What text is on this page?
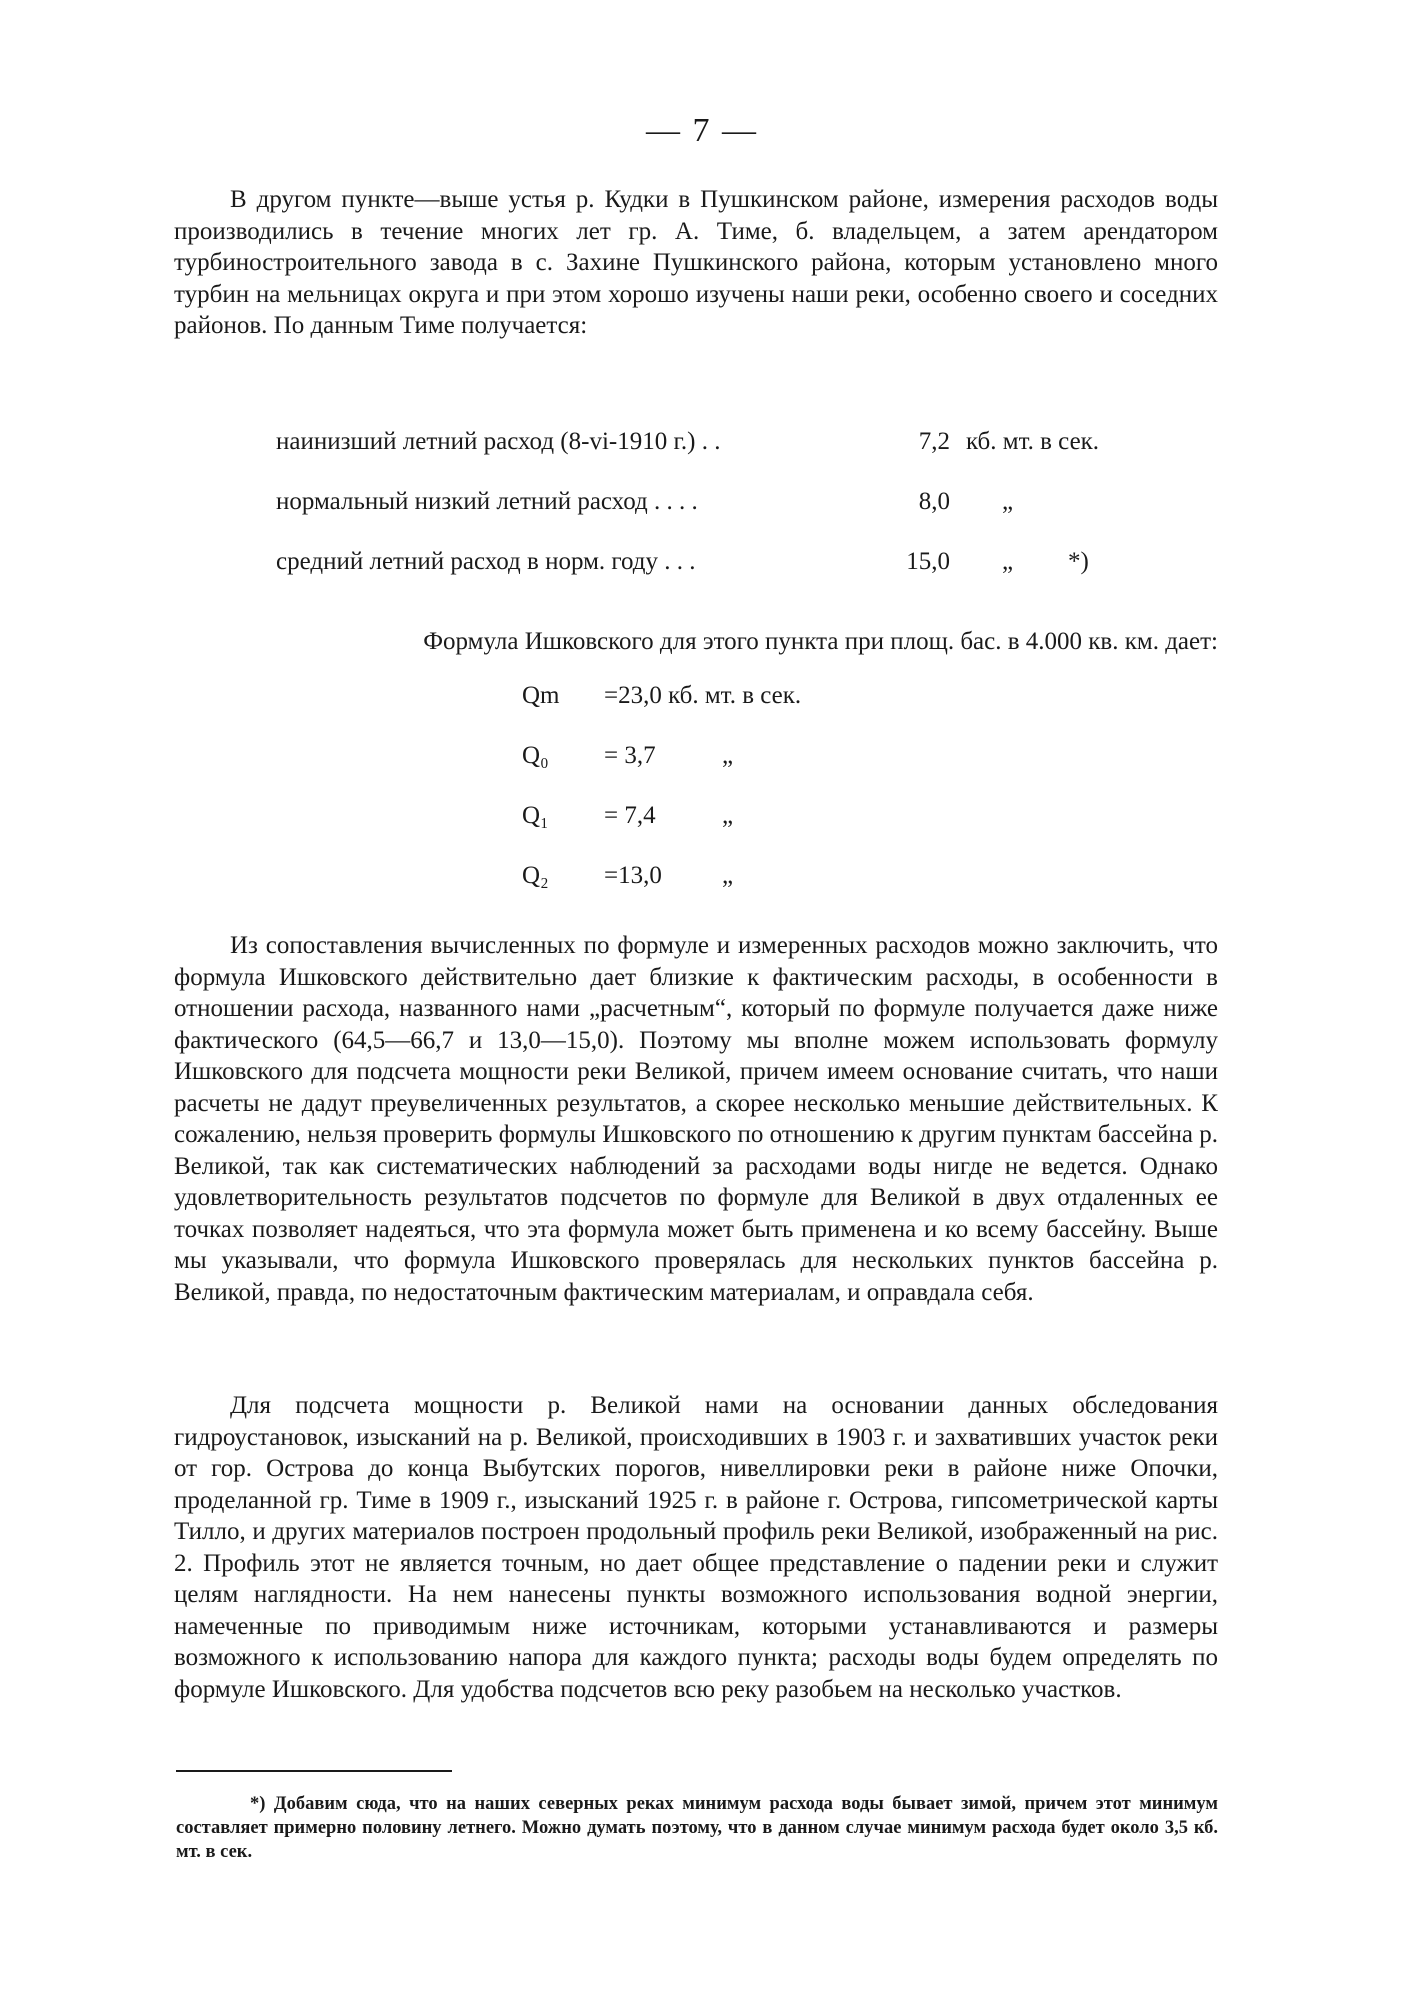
— 7 —

В другом пункте—выше устья р. Кудки в Пушкинском районе, измерения расходов воды производились в течение многих лет гр. А. Тиме, б. владельцем, а затем арендатором турбиностроительного завода в с. Захине Пушкинского района, которым установлено много турбин на мельницах округа и при этом хорошо изучены наши реки, особенно своего и соседних районов. По данным Тиме получается:

наинизший летний расход (8-vi-1910 г.) . .	7,2 кб. мт. в сек.
нормальный низкий летний расход . . . .	8,0 „
средний летний расход в норм. году . . .	15,0 „ *)
Формула Ишковского для этого пункта при площ. бас. в 4.000 кв. км. дает:
Qm =23,0 кб. мт. в сек.
Q₀ = 3,7	„
Q₁ = 7,4	„
Q₂ =13,0 „

Из сопоставления вычисленных по формуле и измеренных расходов можно заключить, что формула Ишковского действительно дает близкие к фактическим расходы, в особенности в отношении расхода, названного нами „расчетным“, который по формуле получается даже ниже фактического (64,5—66,7 и 13,0—15,0). Поэтому мы вполне можем использовать формулу Ишковского для подсчета мощности реки Великой, причем имеем основание считать, что наши расчеты не дадут преувеличенных результатов, а скорее несколько меньшие действительных. К сожалению, нельзя проверить формулы Ишковского по отношению к другим пунктам бассейна р. Великой, так как систематических наблюдений за расходами воды нигде не ведется. Однако удовлетворительность результатов подсчетов по формуле для Великой в двух отдаленных ее точках позволяет надеяться, что эта формула может быть применена и ко всему бассейну. Выше мы указывали, что формула Ишковского проверялась для нескольких пунктов бассейна р. Великой, правда, по недостаточным фактическим материалам, и оправдала себя.

Для подсчета мощности р. Великой нами на основании данных обследования гидроустановок, изысканий на р. Великой, происходивших в 1903 г. и захвативших участок реки от гор. Острова до конца Выбутских порогов, нивеллировки реки в районе ниже Опочки, проделанной гр. Тиме в 1909 г., изысканий 1925 г. в районе г. Острова, гипсометрической карты Тилло, и других материалов построен продольный профиль реки Великой, изображенный на рис. 2. Профиль этот не является точным, но дает общее представление о падении реки и служит целям наглядности. На нем нанесены пункты возможного использования водной энергии, намеченные по приводимым ниже источникам, которыми устанавливаются и размеры возможного к использованию напора для каждого пункта; расходы воды будем определять по формуле Ишковского. Для удобства подсчетов всю реку разобьем на несколько участков.

*) Добавим сюда, что на наших северных реках минимум расхода воды бывает зимой, причем этот минимум составляет примерно половину летнего. Можно думать поэтому, что в данном случае минимум расхода будет около 3,5 кб. мт. в сек.
